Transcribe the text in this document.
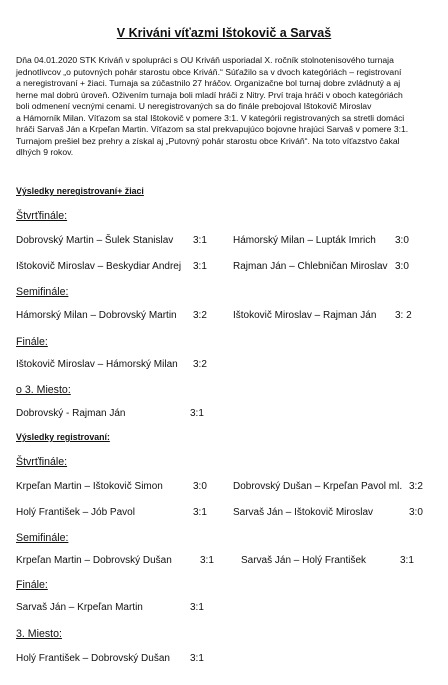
V Kriváni víťazmi Ištokovič a Sarvaš

Dňa 04.01.2020 STK Kriváň v spolupráci s OU Kriváň usporiadal X. ročník stolnotenisového turnaja

jednotlivcov „o putovných pohár starostu obce Kriváň.“ Súťažilo sa v dvoch kategóriách – registrovaní

a neregistrovaní + žiaci. Turnaja sa zúčastnilo 27 hráčov. Organizačne bol turnaj dobre zvládnutý a aj

herne mal dobrú úroveň. Oživením turnaja boli mladí hráči z Nitry. Prví traja hráči v oboch kategóriách

boli odmenení vecnými cenami. U neregistrovaných sa do finále prebojoval Ištokovič Miroslav

a Hámorník Milan. Víťazom sa stal Ištokovič v pomere 3:1. V kategórii registrovaných sa stretli domáci

hráči Sarvaš Ján a Krpeľan Martin. Víťazom sa stal prekvapujúco bojovne hrajúci Sarvaš v pomere 3:1.

Turnajom prešiel bez prehry a získal aj „Putovný pohár starostu obce Kriváň“. Na toto víťazstvo čakal

dlhých 9 rokov.

Výsledky neregistrovaní+ žiaci
Štvrťfinále:
Dobrovský Martin – Šulek Stanislav 3:1	Hámorský Milan – Lupták Imrich 3:0
Ištokovič Miroslav – Beskydiar Andrej 3:1	Rajman Ján – Chlebničan Miroslav 3:0
Semifinále:
Hámorský Milan – Dobrovský Martin 3:2	Ištokovič Miroslav – Rajman Ján 3: 2
Finále:
Ištokovič Miroslav – Hámorský Milan 3:2
o 3. Miesto:
Dobrovský - Rajman Ján	3:1
Výsledky registrovaní:
Štvrťfinále:
Krpeľan Martin – Ištokovič Simon	3:0	Dobrovský Dušan – Krpeľan Pavol ml. 3:2
Holý František – Jób Pavol	3:1	Sarvaš Ján – Ištokovič Miroslav	3:0
Semifinále:
Krpeľan Martin – Dobrovský Dušan	3:1	Sarvaš Ján – Holý František	3:1
Finále:
Sarvaš Ján – Krpeľan Martin	3:1
3. Miesto:
Holý František – Dobrovský Dušan 3:1
